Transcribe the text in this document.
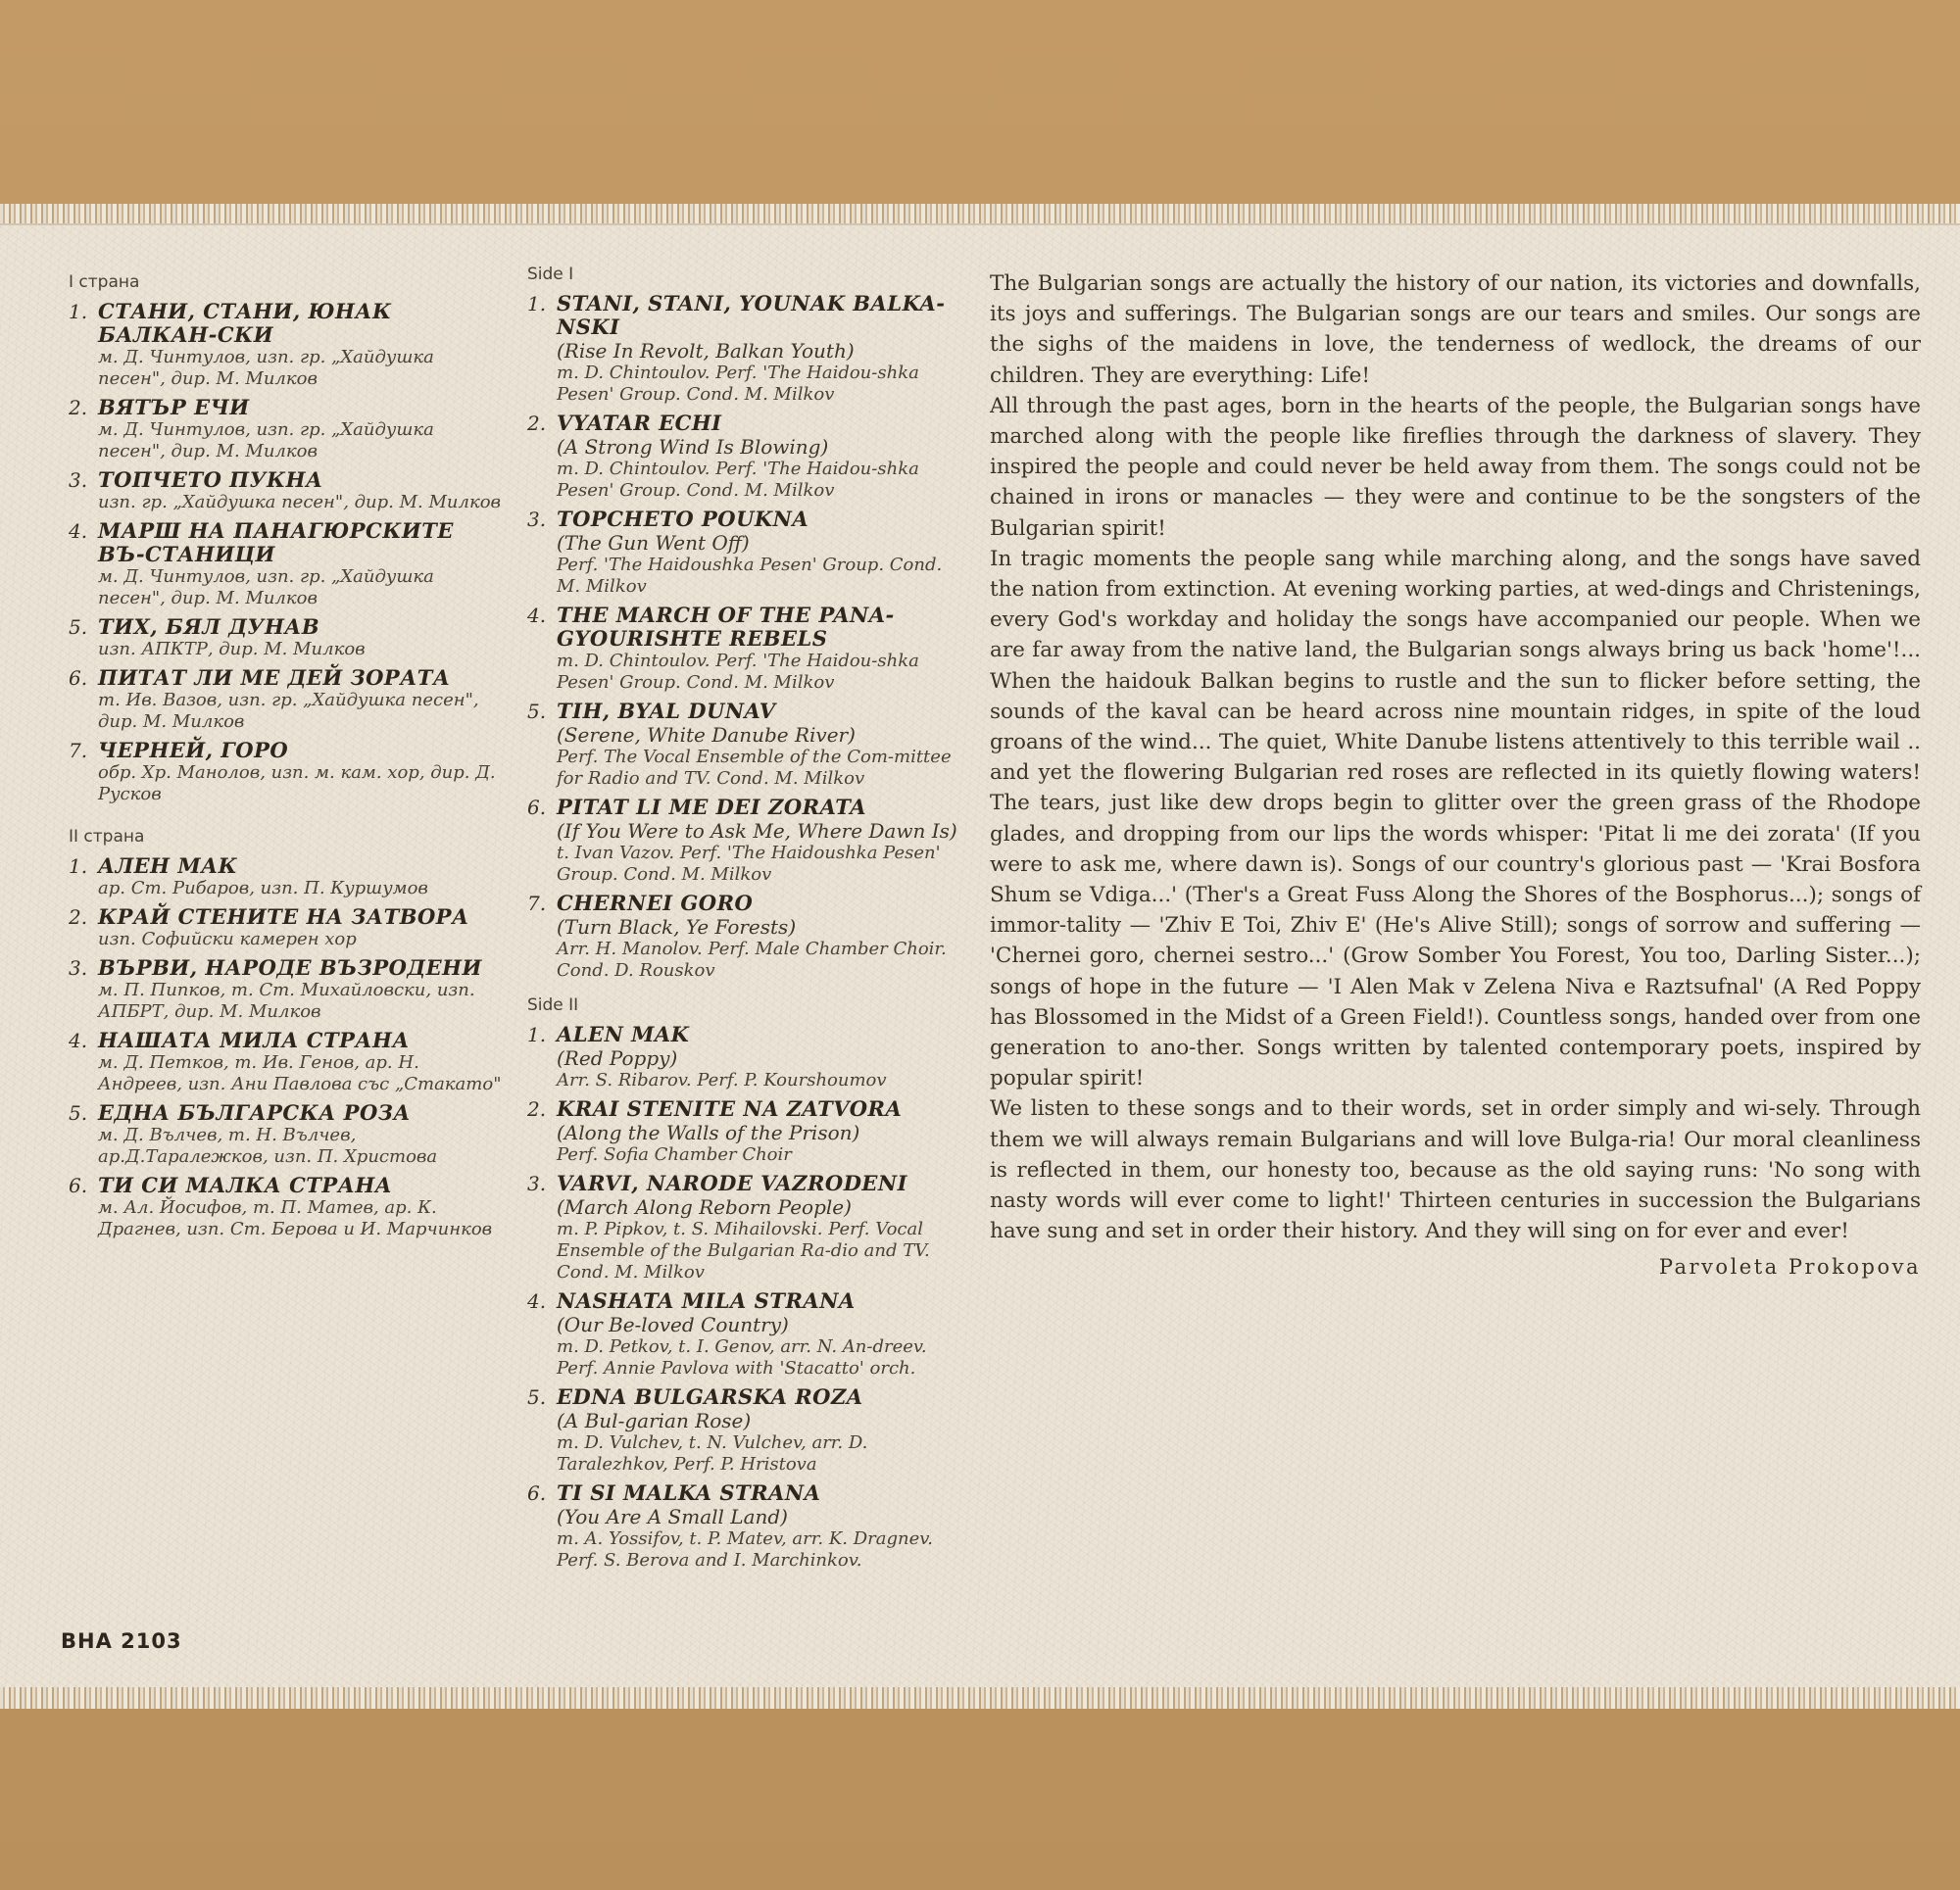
I страна
1. СТАНИ, СТАНИ, ЮНАК БАЛКАН-СКИ
м. Д. Чинтулов, изп. гр. „Хайдушка песен", дир. М. Милков
2. ВЯТЪР ЕЧИ
м. Д. Чинтулов, изп. гр. „Хайдушка песен", дир. М. Милков
3. ТОПЧЕТО ПУКНА
изп. гр. „Хайдушка песен", дир. М. Милков
4. МАРШ НА ПАНАГЮРСКИТЕ ВЪ-СТАНИЦИ
м. Д. Чинтулов, изп. гр. „Хайдушка песен", дир. М. Милков
5. ТИХ, БЯЛ ДУНАВ
изп. АПКТР, дир. М. Милков
6. ПИТАТ ЛИ МЕ ДЕЙ ЗОРАТА
т. Ив. Вазов, изп. гр. „Хайдушка песен", дир. М. Милков
7. ЧЕРНЕЙ, ГОРО
обр. Хр. Манолов, изп. м. кам. хор, дир. Д. Русков
II страна
1. АЛЕН МАК
ар. Ст. Рибаров, изп. П. Куршумов
2. КРАЙ СТЕНИТЕ НА ЗАТВОРА
изп. Софийски камерен хор
3. ВЪРВИ, НАРОДЕ ВЪЗРОДЕНИ
м. П. Пипков, т. Ст. Михайловски, изп. АПБРТ, дир. М. Милков
4. НАШАТА МИЛА СТРАНА
м. Д. Петков, т. Ив. Генов, ар. Н. Андреев, изп. Ани Павлова със „Стакато"
5. ЕДНА БЪЛГАРСКА РОЗА
м. Д. Вълчев, т. Н. Вълчев, ар.Д.Таралежков, изп. П. Христова
6. ТИ СИ МАЛКА СТРАНА
м. Ал. Йосифов, т. П. Матев, ар. К. Драгнев, изп. Ст. Берова и И. Марчинков
Side I
1. STANI, STANI, YOUNAK BALKA-NSKI
(Rise In Revolt, Balkan Youth)
m. D. Chintoulov. Perf. 'The Haidou-shka Pesen' Group. Cond. M. Milkov
2. VYATAR ECHI
(A Strong Wind Is Blowing)
m. D. Chintoulov. Perf. 'The Haidou-shka Pesen' Group. Cond. M. Milkov
3. TOPCHETO POUKNA
(The Gun Went Off)
Perf. 'The Haidoushka Pesen' Group. Cond. M. Milkov
4. THE MARCH OF THE PANA-GYOURISHTE REBELS
m. D. Chintoulov. Perf. 'The Haidou-shka Pesen' Group. Cond. M. Milkov
5. TIH, BYAL DUNAV
(Serene, White Danube River)
Perf. The Vocal Ensemble of the Com-mittee for Radio and TV. Cond. M. Milkov
6. PITAT LI ME DEI ZORATA
(If You Were to Ask Me, Where Dawn Is)
t. Ivan Vazov. Perf. 'The Haidoushka Pesen' Group. Cond. M. Milkov
7. CHERNEI GORO
(Turn Black, Ye Forests)
Arr. H. Manolov. Perf. Male Chamber Choir. Cond. D. Rouskov
Side II
1. ALEN MAK
(Red Poppy)
Arr. S. Ribarov. Perf. P. Kourshoumov
2. KRAI STENITE NA ZATVORA
(Along the Walls of the Prison)
Perf. Sofia Chamber Choir
3. VARVI, NARODE VAZRODENI
(March Along Reborn People)
m. P. Pipkov, t. S. Mihailovski. Perf. Vocal Ensemble of the Bulgarian Ra-dio and TV. Cond. M. Milkov
4. NASHATA MILA STRANA
(Our Be-loved Country)
m. D. Petkov, t. I. Genov, arr. N. An-dreev. Perf. Annie Pavlova with 'Stacatto' orch.
5. EDNA BULGARSKA ROZA
(A Bul-garian Rose)
m. D. Vulchev, t. N. Vulchev, arr. D. Taralezhkov, Perf. P. Hristova
6. TI SI MALKA STRANA
(You Are A Small Land)
m. A. Yossifov, t. P. Matev, arr. K. Dragnev. Perf. S. Berova and I. Marchinkov.

The Bulgarian songs are actually the history of our nation, its victories and downfalls, its joys and sufferings. The Bulgarian songs are our tears and smiles. Our songs are the sighs of the maidens in love, the tenderness of wedlock, the dreams of our children. They are everything: Life!

All through the past ages, born in the hearts of the people, the Bulgarian songs have marched along with the people like fireflies through the darkness of slavery. They inspired the people and could never be held away from them. The songs could not be chained in irons or manacles — they were and continue to be the songsters of the Bulgarian spirit!

In tragic moments the people sang while marching along, and the songs have saved the nation from extinction. At evening working parties, at wed-dings and Christenings, every God's workday and holiday the songs have accompanied our people. When we are far away from the native land, the Bulgarian songs always bring us back 'home'!... When the haidouk Balkan begins to rustle and the sun to flicker before setting, the sounds of the kaval can be heard across nine mountain ridges, in spite of the loud groans of the wind... The quiet, White Danube listens attentively to this terrible wail .. and yet the flowering Bulgarian red roses are reflected in its quietly flowing waters! The tears, just like dew drops begin to glitter over the green grass of the Rhodope glades, and dropping from our lips the words whisper: 'Pitat li me dei zorata' (If you were to ask me, where dawn is). Songs of our country's glorious past — 'Krai Bosfora Shum se Vdiga...' (Ther's a Great Fuss Along the Shores of the Bosphorus...); songs of immor-tality — 'Zhiv E Toi, Zhiv E' (He's Alive Still); songs of sorrow and suffering — 'Chernei goro, chernei sestro...' (Grow Somber You Forest, You too, Darling Sister...); songs of hope in the future — 'I Alen Mak v Zelena Niva e Raztsufnal' (A Red Poppy has Blossomed in the Midst of a Green Field!). Countless songs, handed over from one generation to ano-ther. Songs written by talented contemporary poets, inspired by popular spirit!

We listen to these songs and to their words, set in order simply and wi-sely. Through them we will always remain Bulgarians and will love Bulga-ria! Our moral cleanliness is reflected in them, our honesty too, because as the old saying runs: 'No song with nasty words will ever come to light!' Thirteen centuries in succession the Bulgarians have sung and set in order their history. And they will sing on for ever and ever!

Parvoleta Prokopova
ВНА 2103
